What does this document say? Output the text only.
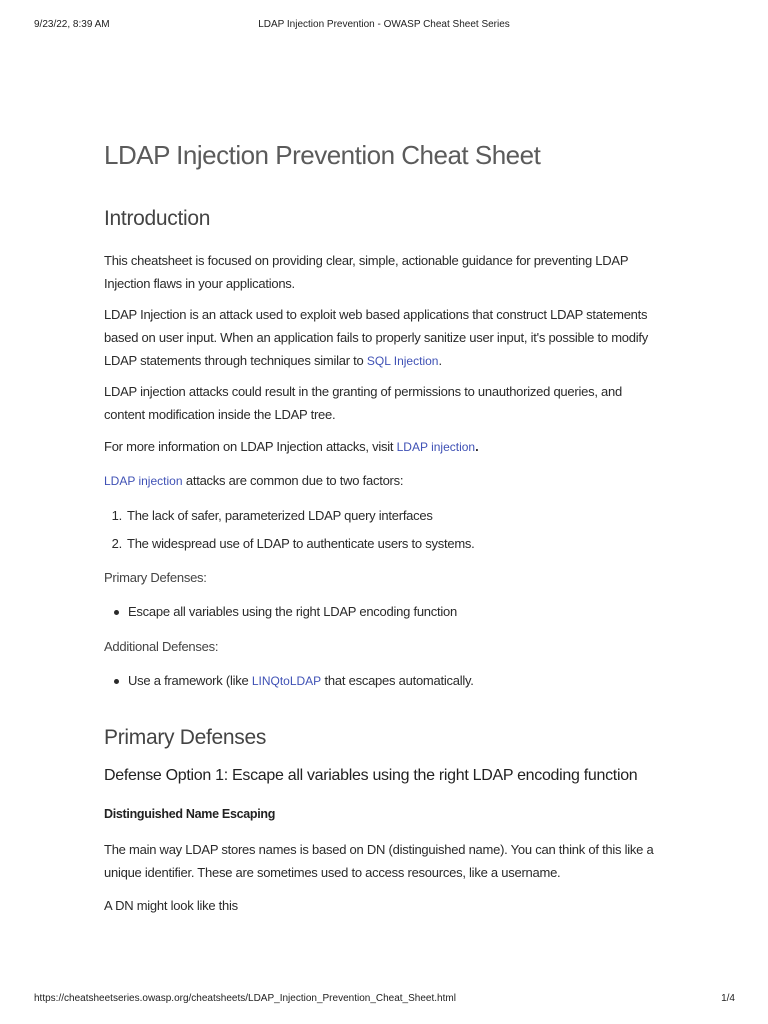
9/23/22, 8:39 AM	LDAP Injection Prevention - OWASP Cheat Sheet Series
LDAP Injection Prevention Cheat Sheet
Introduction

This cheatsheet is focused on providing clear, simple, actionable guidance for preventing LDAP Injection flaws in your applications.

LDAP Injection is an attack used to exploit web based applications that construct LDAP statements based on user input. When an application fails to properly sanitize user input, it's possible to modify LDAP statements through techniques similar to SQL Injection.

LDAP injection attacks could result in the granting of permissions to unauthorized queries, and content modification inside the LDAP tree.

For more information on LDAP Injection attacks, visit LDAP injection.

LDAP injection attacks are common due to two factors:

1. The lack of safer, parameterized LDAP query interfaces
2. The widespread use of LDAP to authenticate users to systems.

Primary Defenses:

Escape all variables using the right LDAP encoding function

Additional Defenses:

Use a framework (like LINQtoLDAP that escapes automatically.
Primary Defenses
Defense Option 1: Escape all variables using the right LDAP encoding function
Distinguished Name Escaping

The main way LDAP stores names is based on DN (distinguished name). You can think of this like a unique identifier. These are sometimes used to access resources, like a username.

A DN might look like this

https://cheatsheetseries.owasp.org/cheatsheets/LDAP_Injection_Prevention_Cheat_Sheet.html	1/4
